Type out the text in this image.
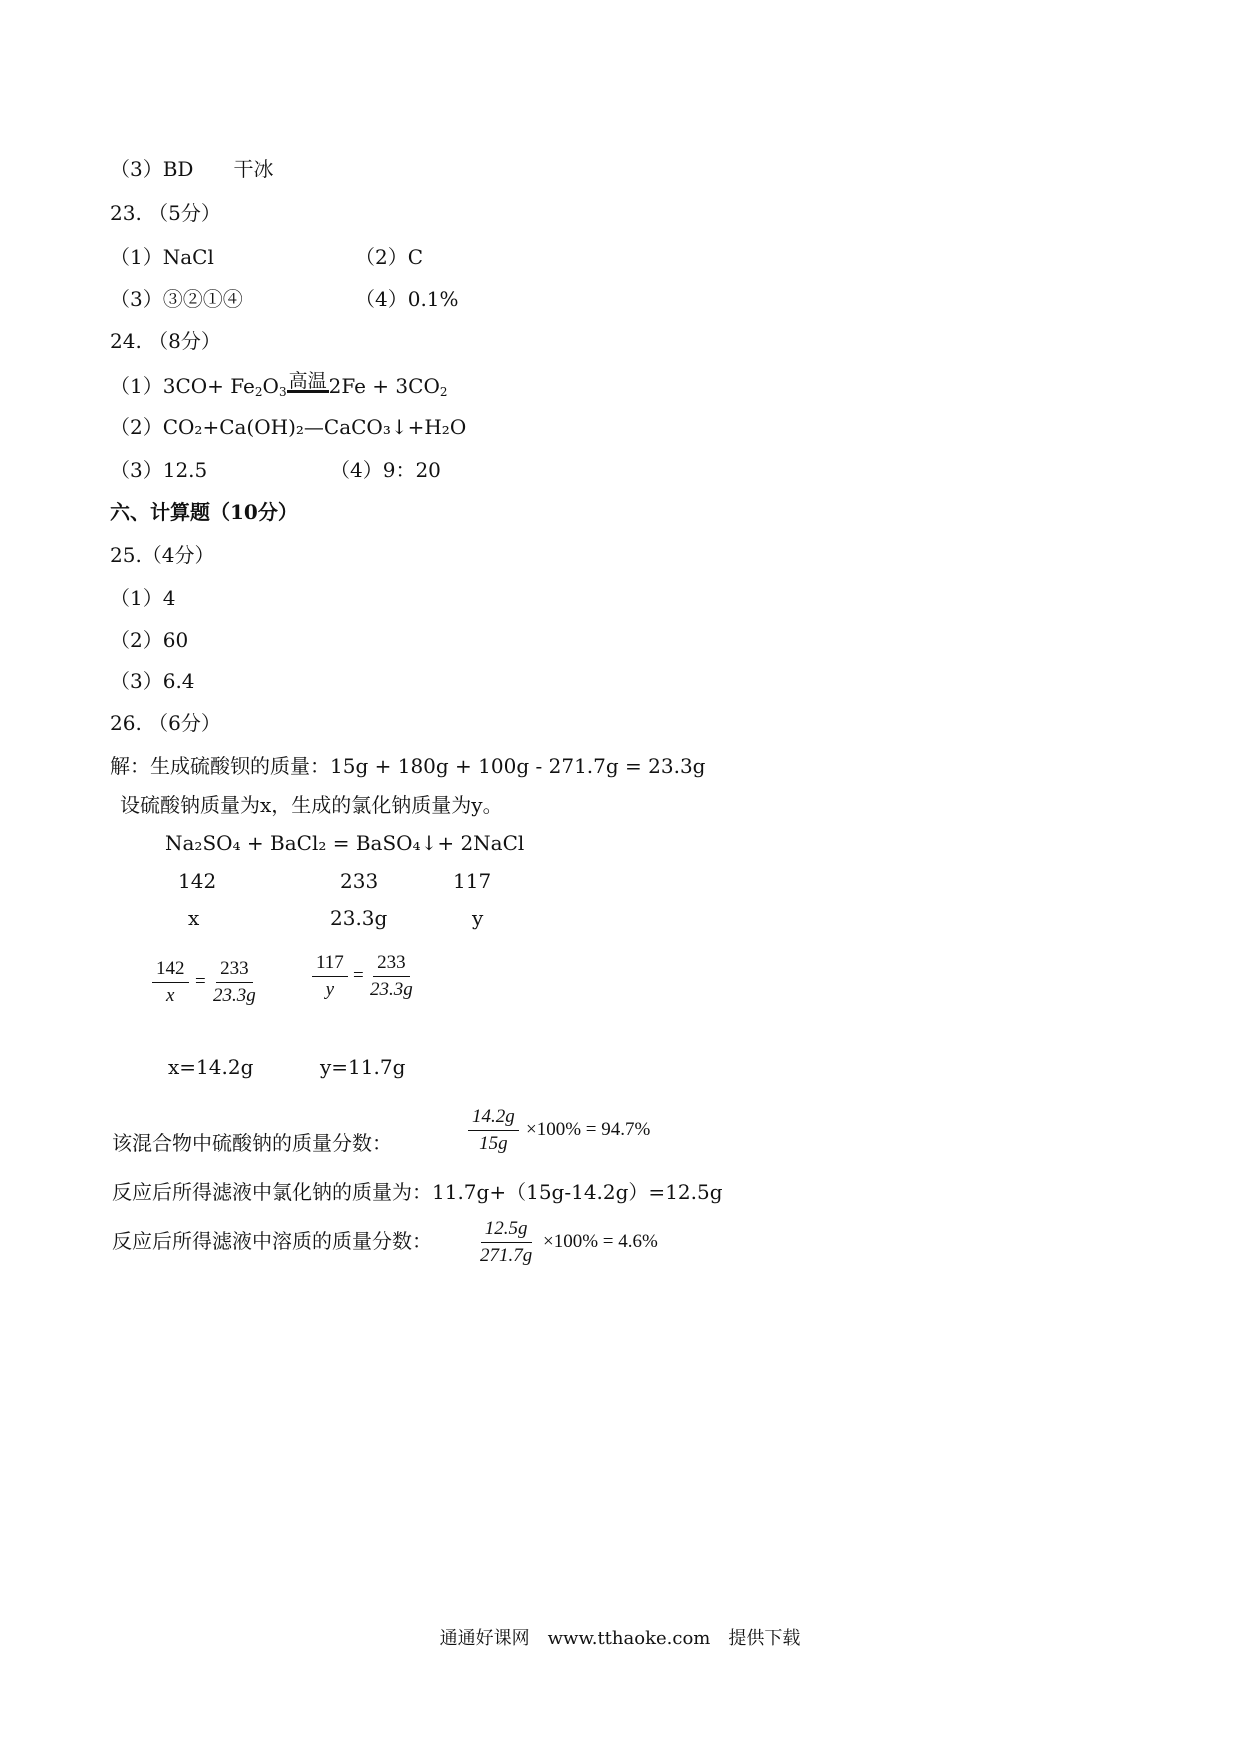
（3）BD　　干冰
23. （5分）
（1）NaCl	（2）C
（3）③②①④	（4）0.1%
24. （8分）
$(1)3CO+ Fe_2O_3$ 高温 $2Fe + 3CO_2$
（2）CO₂+Ca(OH)₂—CaCO₃↓+H₂O
（3）12.5	（4）9：20
六、计算题（10分）
25.（4分）
（1）4
（2）60
（3）6.4
26. （6分）
解：生成硫酸钡的质量：15g + 180g + 100g - 271.7g = 23.3g
设硫酸钠质量为x，生成的氯化钠质量为y。
Na₂SO₄ + BaCl₂ = BaSO₄↓+ 2NaCl
142	233	117
x	23.3g	y
$\frac{142}{x} = \frac{233}{23.3g}$	$\frac{117}{y} = \frac{233}{23.3g}$
x=14.2g	y=11.7g
该混合物中硫酸钠的质量分数：	$\frac{14.2g}{15g} \times 100\% = 94.7\%$
反应后所得滤液中氯化钠的质量为：11.7g+（15g-14.2g）=12.5g
反应后所得滤液中溶质的质量分数： $\frac{12.5g}{271.7g} \times 100\% = 4.6\%$
通通好课网　www.tthaoke.com　提供下载
